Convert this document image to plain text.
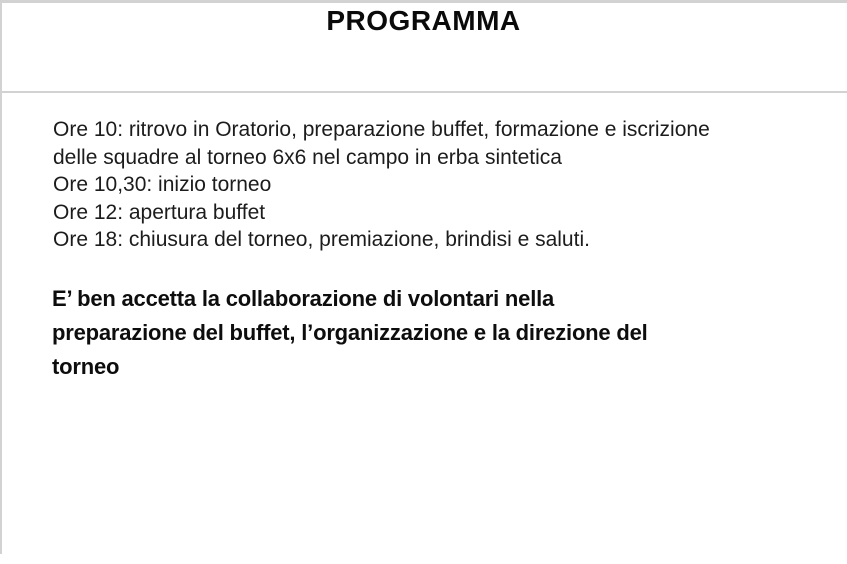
PROGRAMMA
Ore 10: ritrovo in Oratorio, preparazione buffet, formazione e iscrizione
delle squadre al torneo 6x6 nel campo in erba sintetica
Ore 10,30: inizio torneo
Ore 12: apertura buffet
Ore 18: chiusura del torneo, premiazione, brindisi e saluti.
E’ ben accetta la collaborazione di volontari nella
preparazione del buffet, l’organizzazione e la direzione del
torneo
